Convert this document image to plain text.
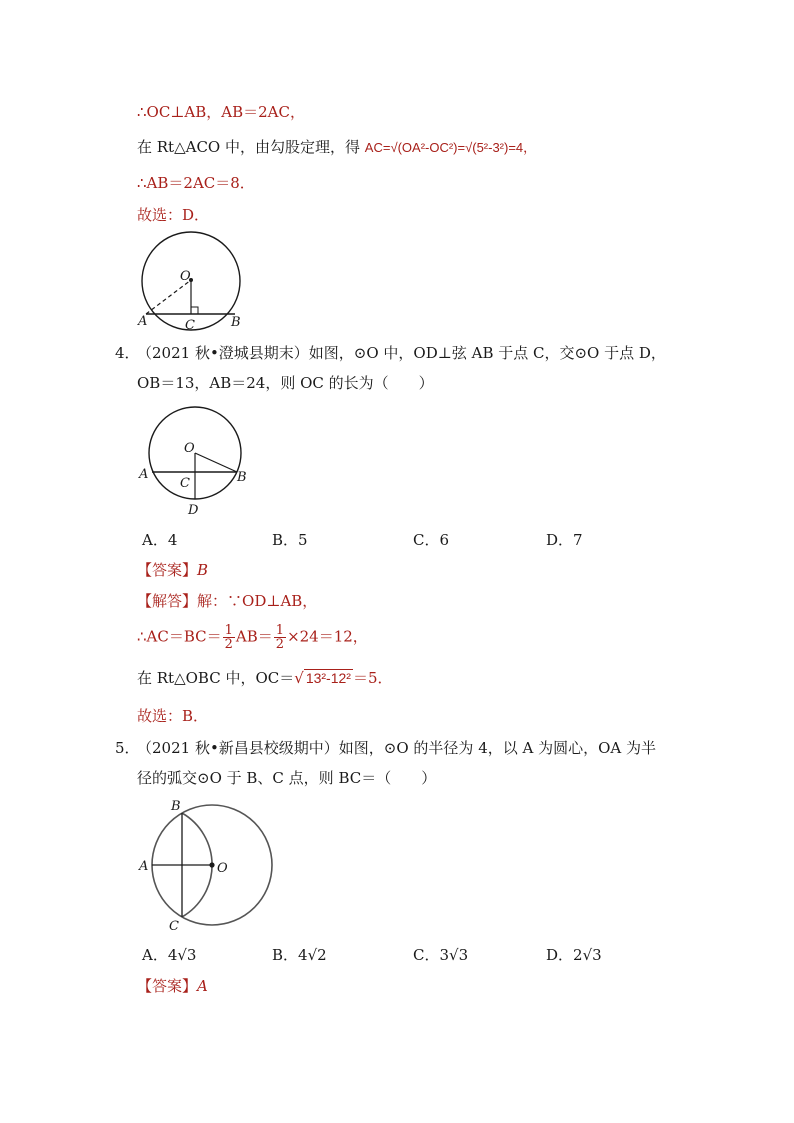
∴OC⊥AB，AB＝2AC，
在 Rt△ACO 中，由勾股定理，得 AC=√(OA²-OC²)=√(5²-3²)=4，
∴AB＝2AC＝8．
故选：D．
O
A	B
C
4．
（2021 秋•澄城县期末）如图，⊙O 中，OD⊥弦 AB 于点 C，交⊙O 于点 D，
OB＝13，AB＝24，则 OC 的长为（　　）
O
A	B
C
D
A．4	B．5	C．6	D．7
【答案】B
【解答】解：∵OD⊥AB，
∴AC＝BC＝ $\frac{1}{2} AB= \frac{1}{2} \times 24=12$，
在 Rt△OBC 中，OC＝√ 13²-12² ＝5．
故选：B．
5．
（2021 秋•新昌县校级期中）如图，⊙O 的半径为 4，以 A 为圆心，OA 为半
径的弧交⊙O 于 B、C 点，则 BC＝（　　）
B
A	O
C
A．4√3	B．4√2	C．3√3	D．2√3
【答案】A
